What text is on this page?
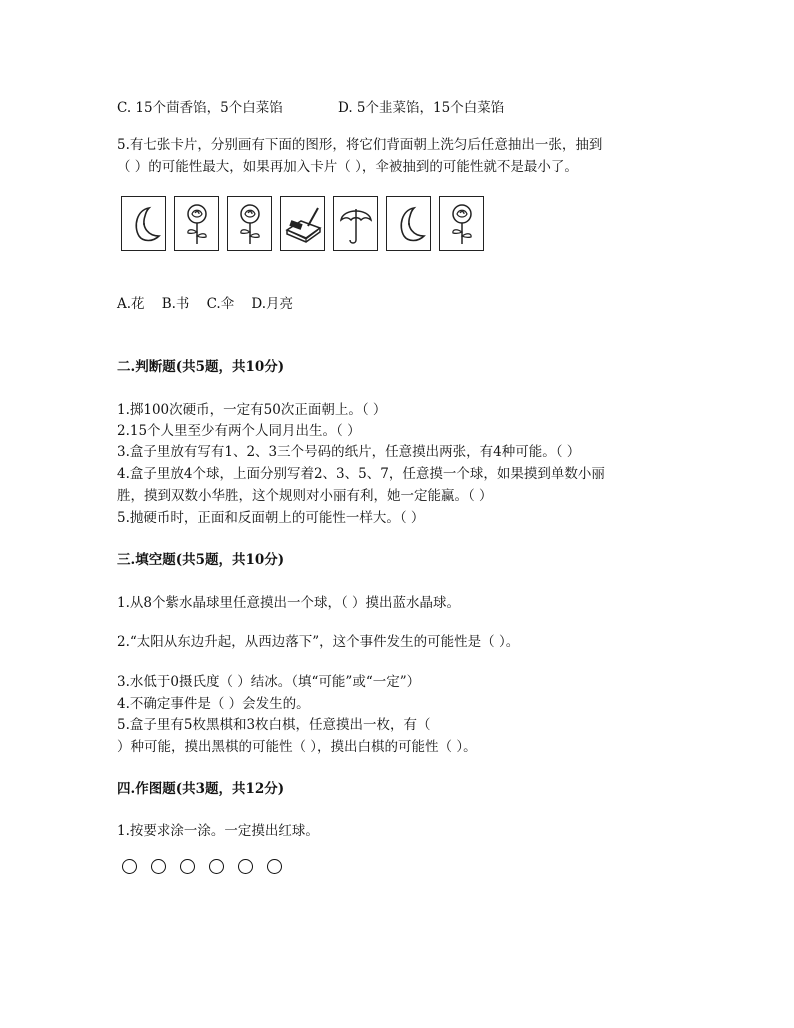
C. 15个茴香馅，5个白菜馅	D. 5个韭菜馅，15个白菜馅
5.有七张卡片，分别画有下面的图形，将它们背面朝上洗匀后任意抽出一张，抽到
（ ）的可能性最大，如果再加入卡片（ ），伞被抽到的可能性就不是最小了。
A.花    B.书    C.伞    D.月亮
二.判断题(共5题，共10分)
1.掷100次硬币，一定有50次正面朝上。（ ）
2.15个人里至少有两个人同月出生。（ ）
3.盒子里放有写有1、2、3三个号码的纸片，任意摸出两张，有4种可能。（ ）
4.盒子里放4个球，上面分别写着2、3、5、7，任意摸一个球，如果摸到单数小丽
胜，摸到双数小华胜，这个规则对小丽有利，她一定能赢。（ ）
5.抛硬币时，正面和反面朝上的可能性一样大。（ ）
三.填空题(共5题，共10分)
1.从8个紫水晶球里任意摸出一个球，（ ）摸出蓝水晶球。
2.“太阳从东边升起，从西边落下”，这个事件发生的可能性是（ ）。
3.水低于0摄氏度（ ）结冰。（填“可能”或“一定”）
4.不确定事件是（ ）会发生的。
5.盒子里有5枚黑棋和3枚白棋，任意摸出一枚，有（
）种可能，摸出黑棋的可能性（ ），摸出白棋的可能性（ ）。
四.作图题(共3题，共12分)
1.按要求涂一涂。一定摸出红球。
